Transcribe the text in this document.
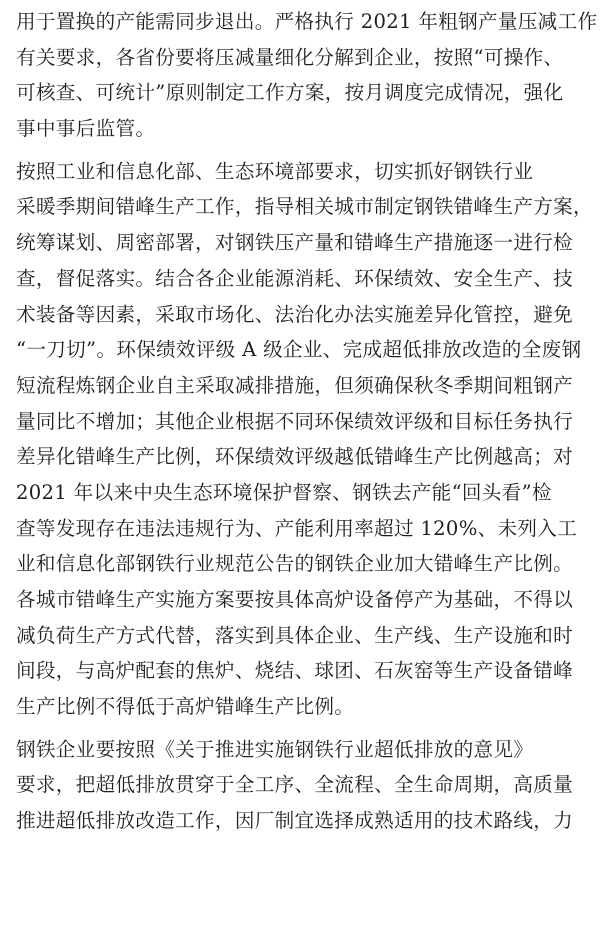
用于置换的产能需同步退出。严格执行 2021 年粗钢产量压减工作
有关要求，各省份要将压减量细化分解到企业，按照“可操作、
可核查、可统计”原则制定工作方案，按月调度完成情况，强化
事中事后监管。
按照工业和信息化部、生态环境部要求，切实抓好钢铁行业
采暖季期间错峰生产工作，指导相关城市制定钢铁错峰生产方案，
统筹谋划、周密部署，对钢铁压产量和错峰生产措施逐一进行检
查，督促落实。结合各企业能源消耗、环保绩效、安全生产、技
术装备等因素，采取市场化、法治化办法实施差异化管控，避免
“一刀切”。环保绩效评级 A 级企业、完成超低排放改造的全废钢
短流程炼钢企业自主采取减排措施，但须确保秋冬季期间粗钢产
量同比不增加；其他企业根据不同环保绩效评级和目标任务执行
差异化错峰生产比例，环保绩效评级越低错峰生产比例越高；对
2021 年以来中央生态环境保护督察、钢铁去产能“回头看”检
查等发现存在违法违规行为、产能利用率超过 120%、未列入工
业和信息化部钢铁行业规范公告的钢铁企业加大错峰生产比例。
各城市错峰生产实施方案要按具体高炉设备停产为基础，不得以
减负荷生产方式代替，落实到具体企业、生产线、生产设施和时
间段，与高炉配套的焦炉、烧结、球团、石灰窑等生产设备错峰
生产比例不得低于高炉错峰生产比例。
钢铁企业要按照《关于推进实施钢铁行业超低排放的意见》
要求，把超低排放贯穿于全工序、全流程、全生命周期，高质量
推进超低排放改造工作，因厂制宜选择成熟适用的技术路线，力
